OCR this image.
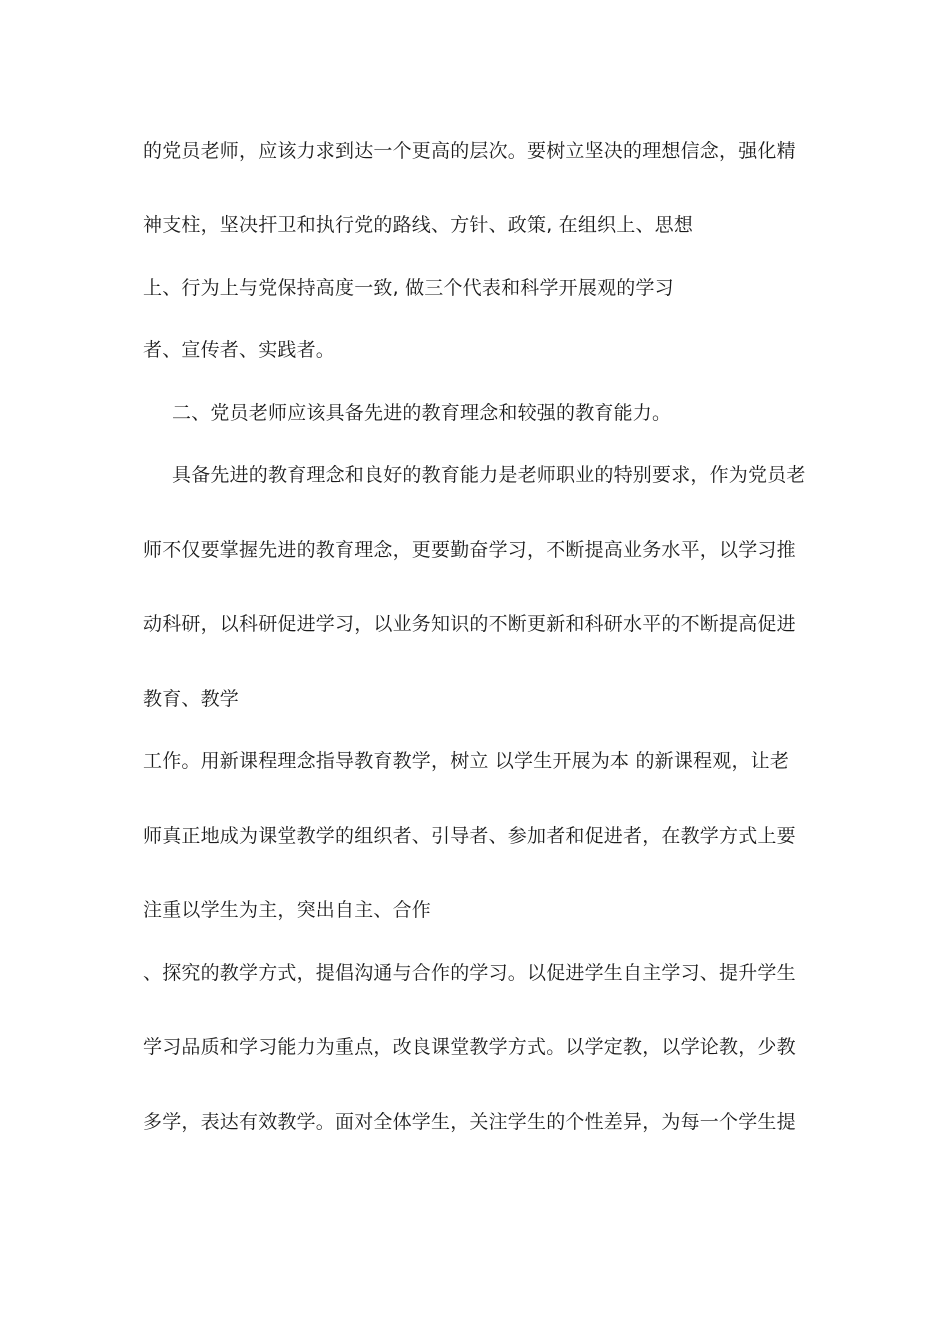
的党员老师，应该力求到达一个更高的层次。要树立坚决的理想信念，强化精
神支柱，坚决扞卫和执行党的路线、方针、政策, 在组织上、思想
上、行为上与党保持高度一致, 做三个代表和科学开展观的学习
者、宣传者、实践者。
二、党员老师应该具备先进的教育理念和较强的教育能力。
具备先进的教育理念和良好的教育能力是老师职业的特别要求，作为党员老
师不仅要掌握先进的教育理念，更要勤奋学习，不断提高业务水平，以学习推
动科研，以科研促进学习，以业务知识的不断更新和科研水平的不断提高促进
教育、教学
工作。用新课程理念指导教育教学，树立 以学生开展为本 的新课程观，让老
师真正地成为课堂教学的组织者、引导者、参加者和促进者，在教学方式上要
注重以学生为主，突出自主、合作
、探究的教学方式，提倡沟通与合作的学习。以促进学生自主学习、提升学生
学习品质和学习能力为重点，改良课堂教学方式。以学定教，以学论教，少教
多学，表达有效教学。面对全体学生，关注学生的个性差异，为每一个学生提
